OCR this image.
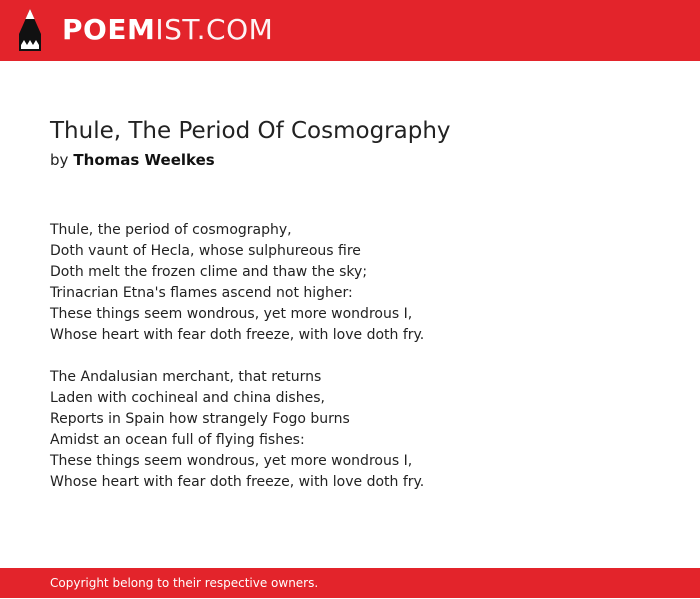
POEMIST.COM
Thule, The Period Of Cosmography
by Thomas Weelkes
Thule, the period of cosmography,
Doth vaunt of Hecla, whose sulphureous fire
Doth melt the frozen clime and thaw the sky;
Trinacrian Etna's flames ascend not higher:
These things seem wondrous, yet more wondrous I,
Whose heart with fear doth freeze, with love doth fry.
The Andalusian merchant, that returns
Laden with cochineal and china dishes,
Reports in Spain how strangely Fogo burns
Amidst an ocean full of flying fishes:
These things seem wondrous, yet more wondrous I,
Whose heart with fear doth freeze, with love doth fry.
Copyright belong to their respective owners.
